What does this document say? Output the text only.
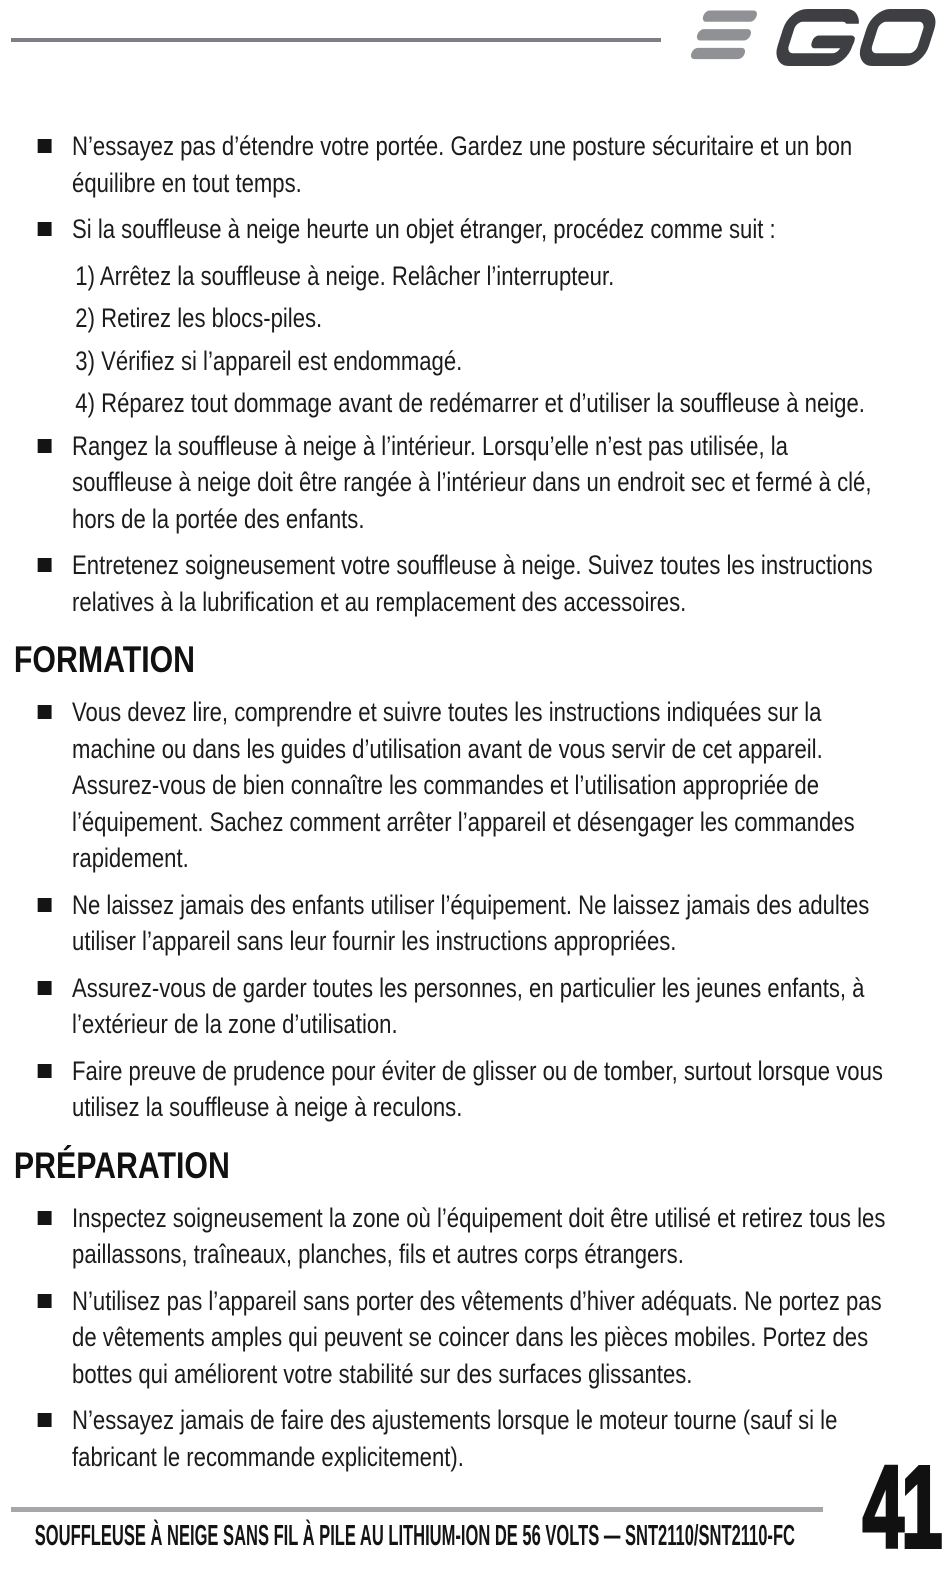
N’essayez pas d’étendre votre portée. Gardez une posture sécuritaire et un bon équilibre en tout temps.
Si la souffleuse à neige heurte un objet étranger, procédez comme suit :
1) Arrêtez la souffleuse à neige. Relâcher l’interrupteur.
2) Retirez les blocs-piles.
3) Vérifiez si l’appareil est endommagé.
4) Réparez tout dommage avant de redémarrer et d’utiliser la souffleuse à neige.
Rangez la souffleuse à neige à l’intérieur. Lorsqu’elle n’est pas utilisée, la souffleuse à neige doit être rangée à l’intérieur dans un endroit sec et fermé à clé, hors de la portée des enfants.
Entretenez soigneusement votre souffleuse à neige. Suivez toutes les instructions relatives à la lubrification et au remplacement des accessoires.
FORMATION
Vous devez lire, comprendre et suivre toutes les instructions indiquées sur la machine ou dans les guides d’utilisation avant de vous servir de cet appareil. Assurez-vous de bien connaître les commandes et l’utilisation appropriée de l’équipement. Sachez comment arrêter l’appareil et désengager les commandes rapidement.
Ne laissez jamais des enfants utiliser l’équipement. Ne laissez jamais des adultes utiliser l’appareil sans leur fournir les instructions appropriées.
Assurez-vous de garder toutes les personnes, en particulier les jeunes enfants, à l’extérieur de la zone d’utilisation.
Faire preuve de prudence pour éviter de glisser ou de tomber, surtout lorsque vous utilisez la souffleuse à neige à reculons.
PRÉPARATION
Inspectez soigneusement la zone où l’équipement doit être utilisé et retirez tous les paillassons, traîneaux, planches, fils et autres corps étrangers.
N’utilisez pas l’appareil sans porter des vêtements d’hiver adéquats. Ne portez pas de vêtements amples qui peuvent se coincer dans les pièces mobiles. Portez des bottes qui améliorent votre stabilité sur des surfaces glissantes.
N’essayez jamais de faire des ajustements lorsque le moteur tourne (sauf si le fabricant le recommande explicitement).
SOUFFLEUSE À NEIGE SANS FIL À PILE AU LITHIUM-ION DE 56 VOLTS — SNT2110/SNT2110-FC 41
